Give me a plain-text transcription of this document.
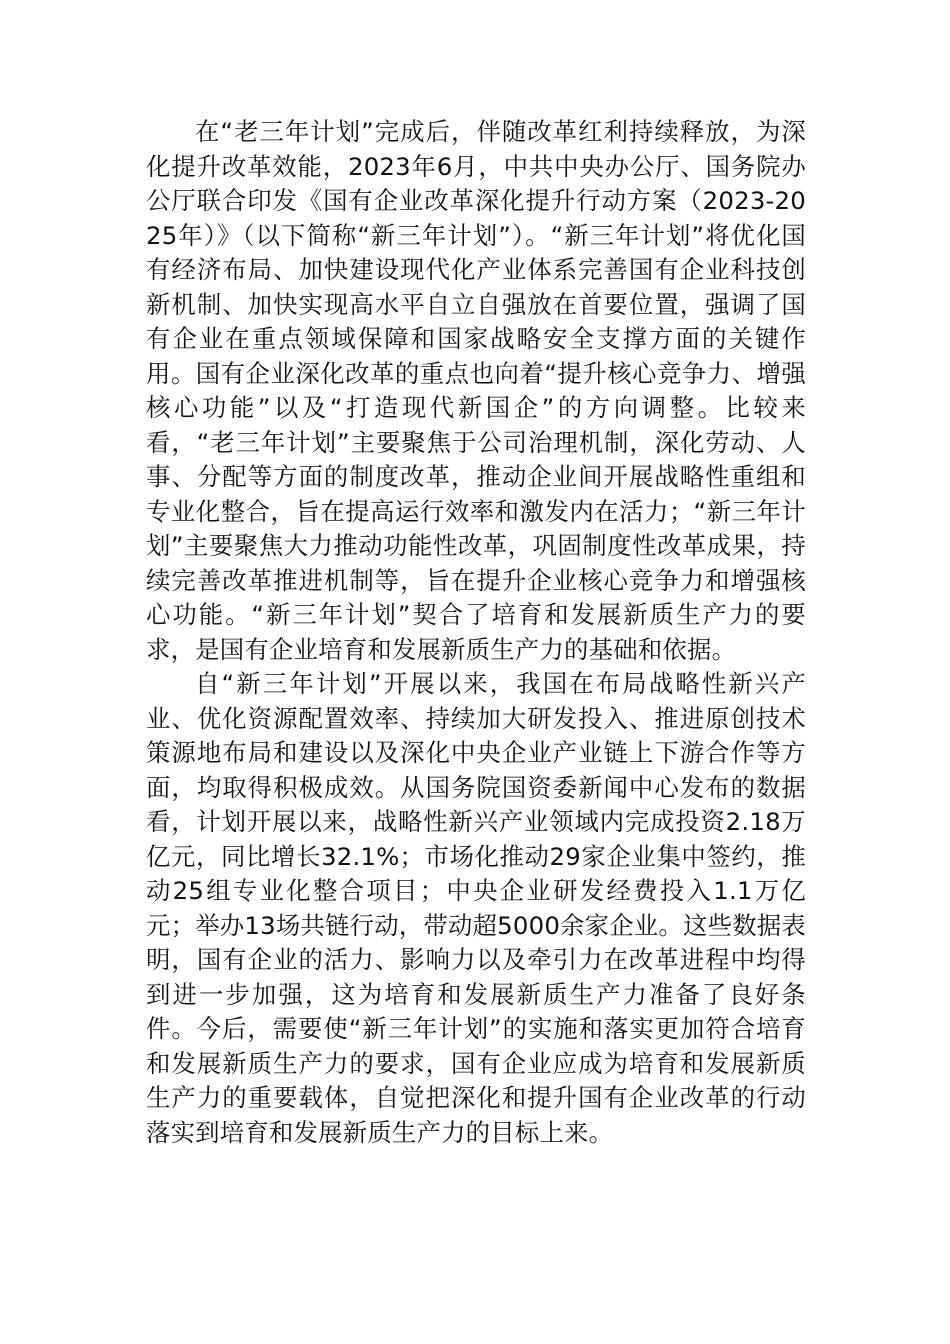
在“老三年计划”完成后，伴随改革红利持续释放，为深化提升改革效能，2023年6月，中共中央办公厅、国务院办公厅联合印发《国有企业改革深化提升行动方案（2023-2025年）》（以下简称“新三年计划”）。“新三年计划”将优化国有经济布局、加快建设现代化产业体系完善国有企业科技创新机制、加快实现高水平自立自强放在首要位置，强调了国有企业在重点领域保障和国家战略安全支撑方面的关键作用。国有企业深化改革的重点也向着“提升核心竞争力、增强核心功能”以及“打造现代新国企”的方向调整。比较来看，“老三年计划”主要聚焦于公司治理机制，深化劳动、人事、分配等方面的制度改革，推动企业间开展战略性重组和专业化整合，旨在提高运行效率和激发内在活力；“新三年计划”主要聚焦大力推动功能性改革，巩固制度性改革成果，持续完善改革推进机制等，旨在提升企业核心竞争力和增强核心功能。“新三年计划”契合了培育和发展新质生产力的要求，是国有企业培育和发展新质生产力的基础和依据。

自“新三年计划”开展以来，我国在布局战略性新兴产业、优化资源配置效率、持续加大研发投入、推进原创技术策源地布局和建设以及深化中央企业产业链上下游合作等方面，均取得积极成效。从国务院国资委新闻中心发布的数据看，计划开展以来，战略性新兴产业领域内完成投资2.18万亿元，同比增长32.1%；市场化推动29家企业集中签约，推动25组专业化整合项目；中央企业研发经费投入1.1万亿元；举办13场共链行动，带动超5000余家企业。这些数据表明，国有企业的活力、影响力以及牵引力在改革进程中均得到进一步加强，这为培育和发展新质生产力准备了良好条件。今后，需要使“新三年计划”的实施和落实更加符合培育和发展新质生产力的要求，国有企业应成为培育和发展新质生产力的重要载体，自觉把深化和提升国有企业改革的行动落实到培育和发展新质生产力的目标上来。
